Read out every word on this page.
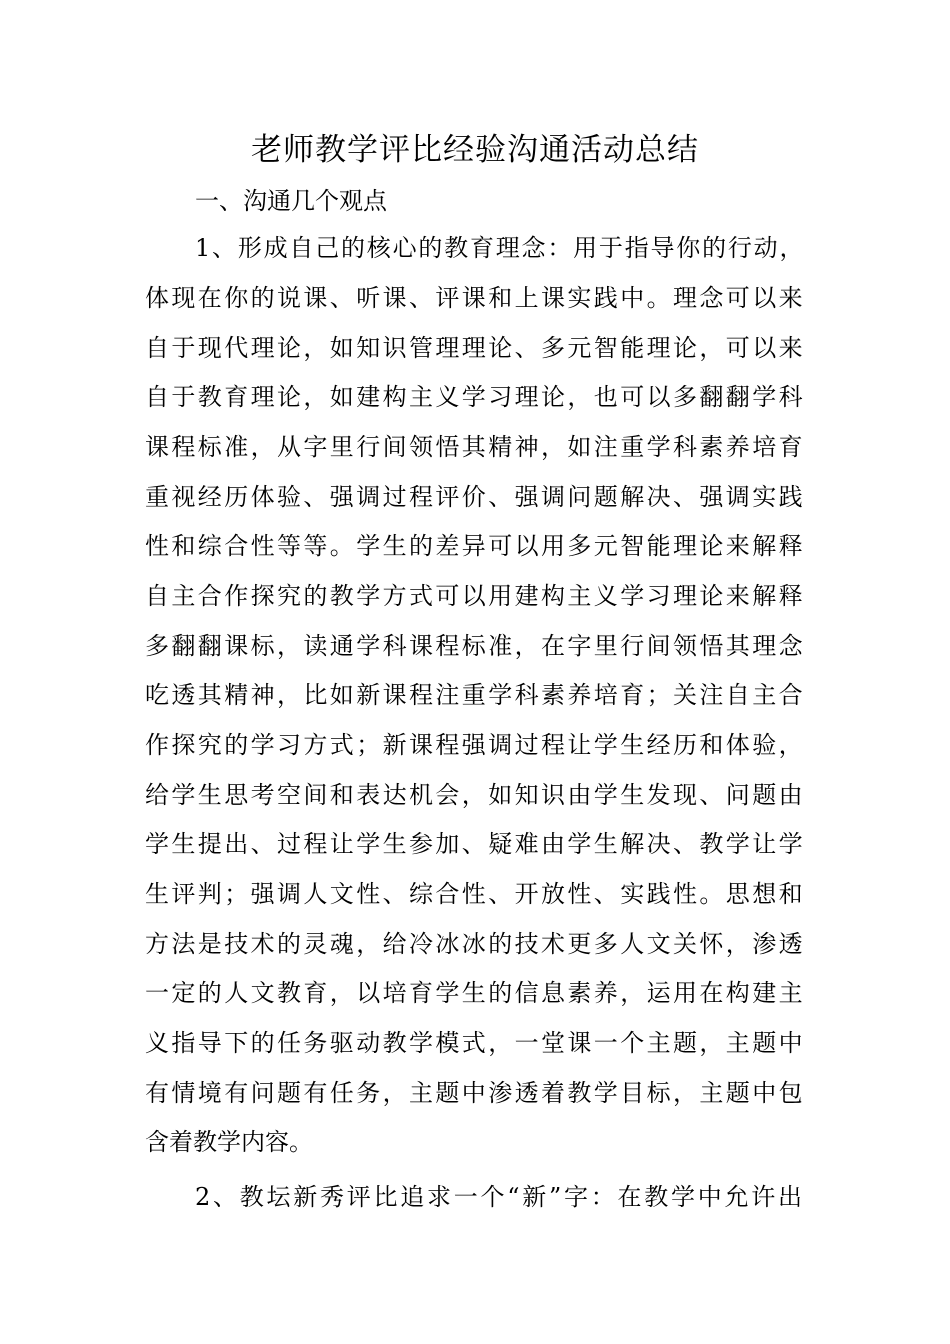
老师教学评比经验沟通活动总结
一、沟通几个观点
1、形成自己的核心的教育理念：用于指导你的行动，
体现在你的说课、听课、评课和上课实践中。理念可以来
自于现代理论，如知识管理理论、多元智能理论，可以来
自于教育理论，如建构主义学习理论，也可以多翻翻学科
课程标准，从字里行间领悟其精神，如注重学科素养培育
重视经历体验、强调过程评价、强调问题解决、强调实践
性和综合性等等。学生的差异可以用多元智能理论来解释
自主合作探究的教学方式可以用建构主义学习理论来解释
多翻翻课标，读通学科课程标准，在字里行间领悟其理念
吃透其精神，比如新课程注重学科素养培育；关注自主合
作探究的学习方式；新课程强调过程让学生经历和体验，
给学生思考空间和表达机会，如知识由学生发现、问题由
学生提出、过程让学生参加、疑难由学生解决、教学让学
生评判；强调人文性、综合性、开放性、实践性。思想和
方法是技术的灵魂，给冷冰冰的技术更多人文关怀，渗透
一定的人文教育，以培育学生的信息素养，运用在构建主
义指导下的任务驱动教学模式，一堂课一个主题，主题中
有情境有问题有任务，主题中渗透着教学目标，主题中包
含着教学内容。
2、教坛新秀评比追求一个“新”字：在教学中允许出
